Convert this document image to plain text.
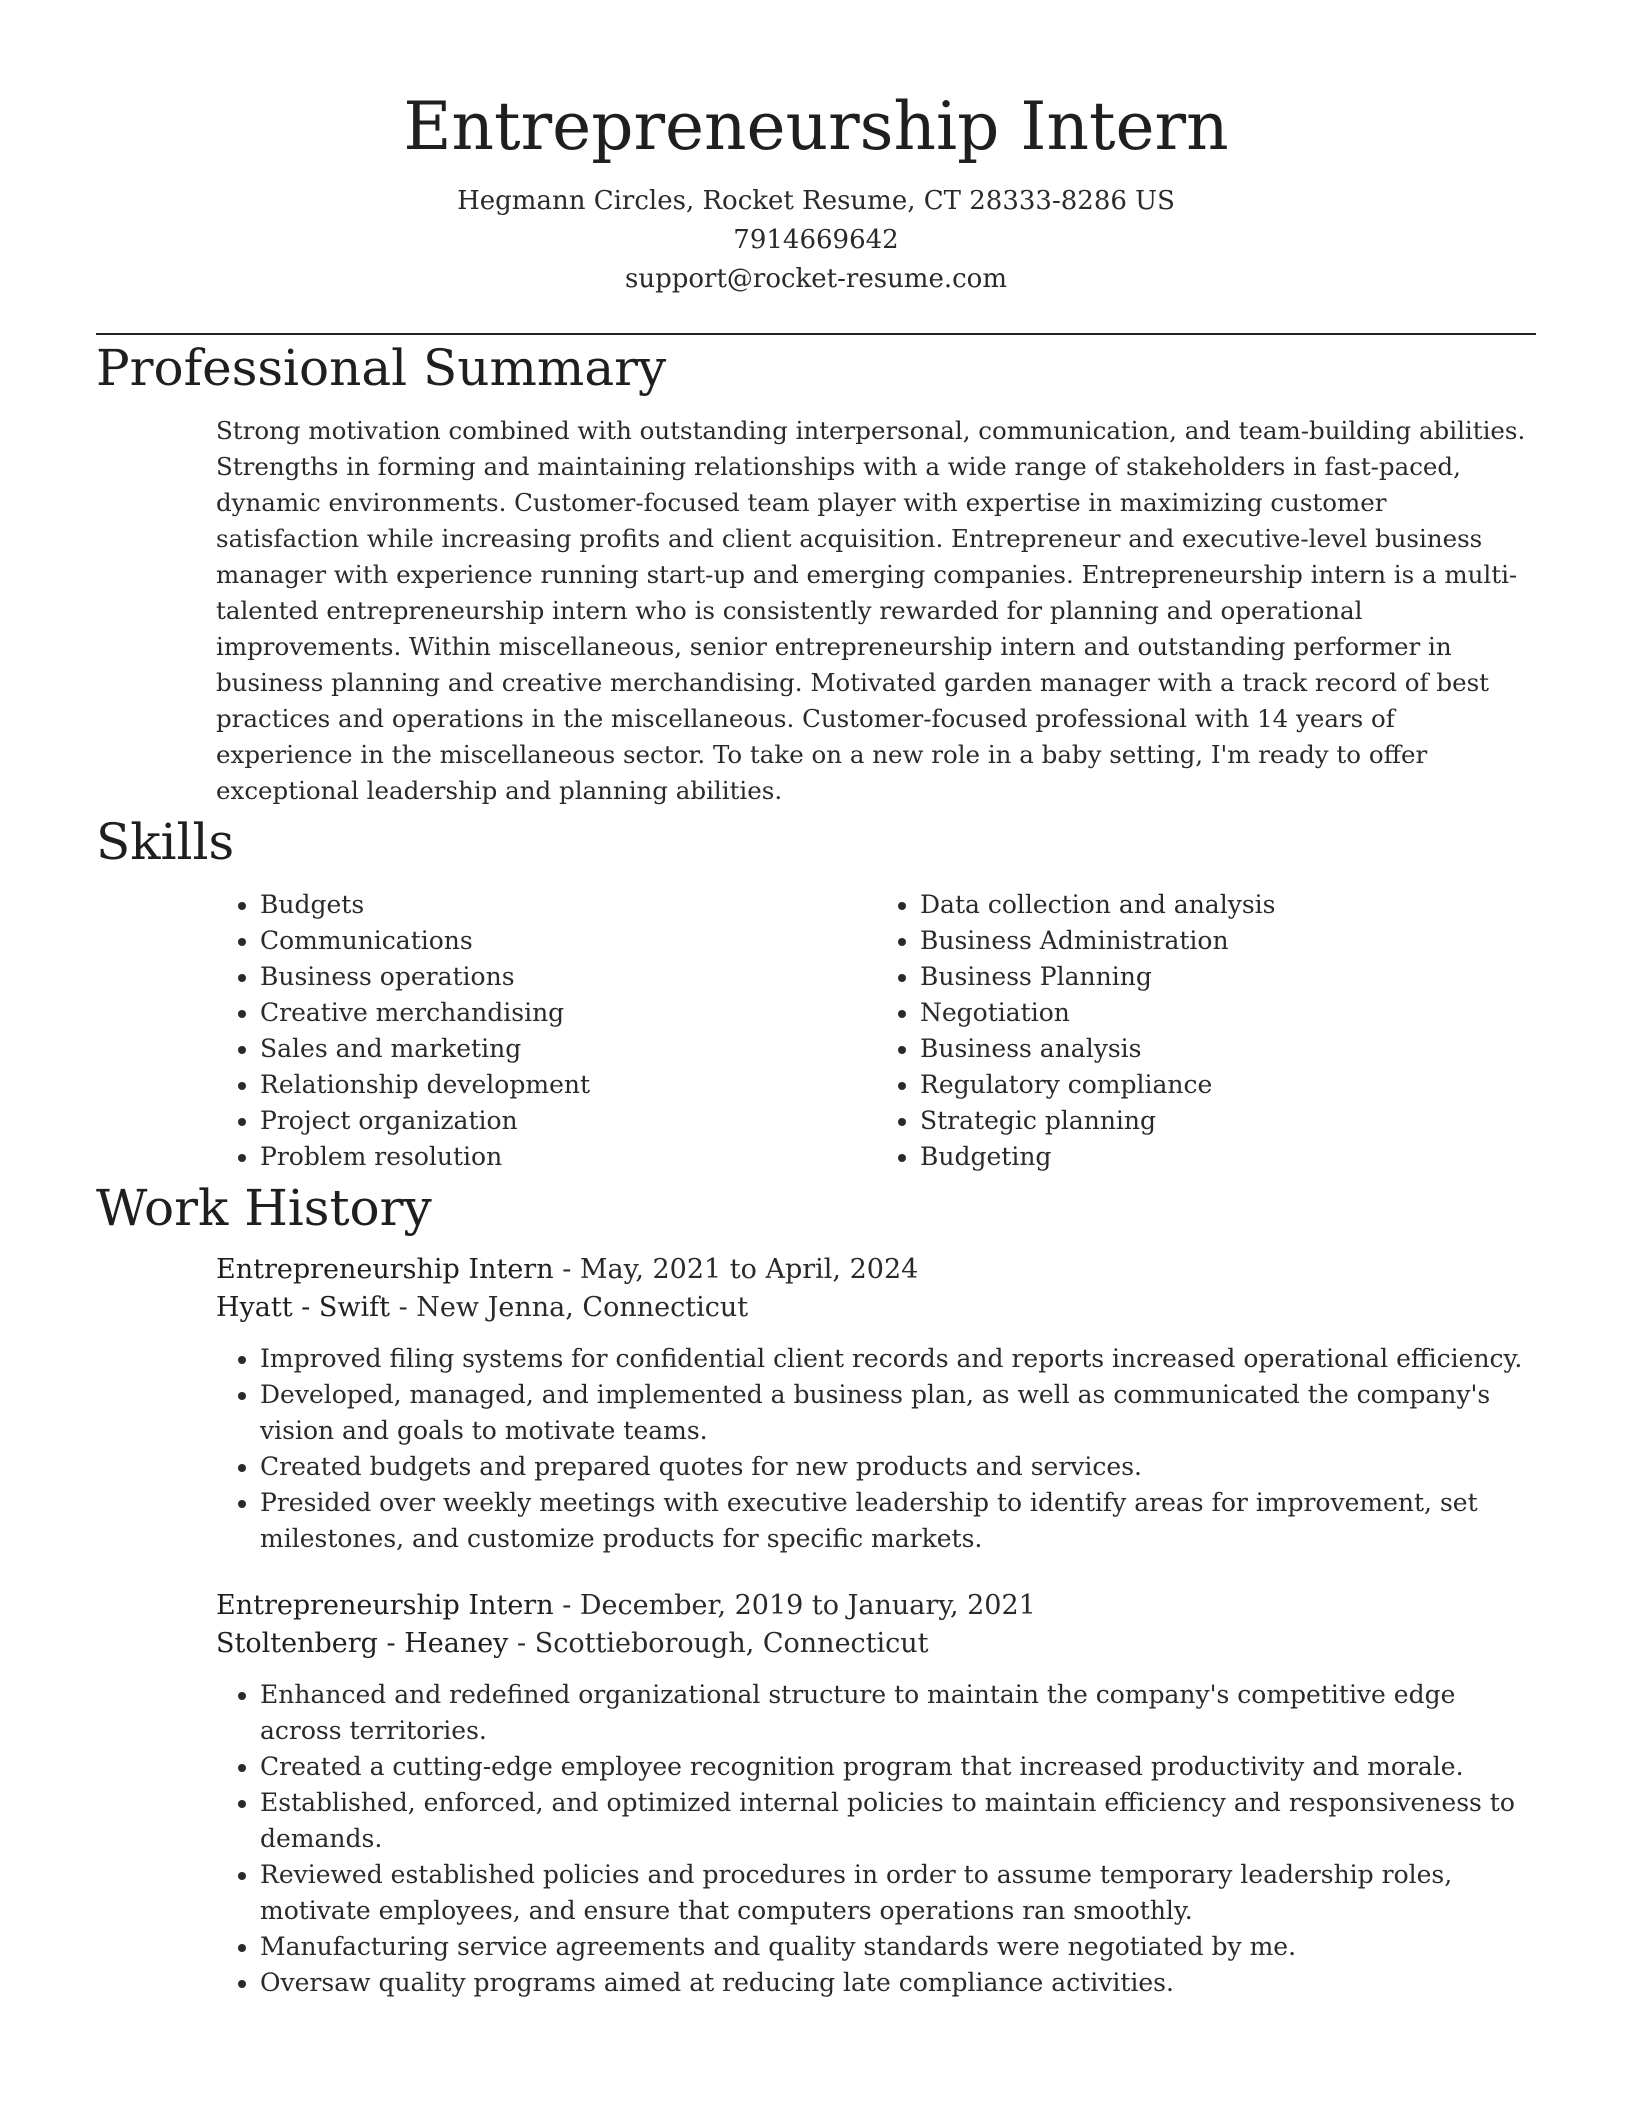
Entrepreneurship Intern
Hegmann Circles, Rocket Resume, CT 28333-8286 US
7914669642
support@rocket-resume.com
Professional Summary
Strong motivation combined with outstanding interpersonal, communication, and team-building abilities. Strengths in forming and maintaining relationships with a wide range of stakeholders in fast-paced, dynamic environments. Customer-focused team player with expertise in maximizing customer satisfaction while increasing profits and client acquisition. Entrepreneur and executive-level business manager with experience running start-up and emerging companies. Entrepreneurship intern is a multi-talented entrepreneurship intern who is consistently rewarded for planning and operational improvements. Within miscellaneous, senior entrepreneurship intern and outstanding performer in business planning and creative merchandising. Motivated garden manager with a track record of best practices and operations in the miscellaneous. Customer-focused professional with 14 years of experience in the miscellaneous sector. To take on a new role in a baby setting, I'm ready to offer exceptional leadership and planning abilities.
Skills
• Budgets
• Communications
• Business operations
• Creative merchandising
• Sales and marketing
• Relationship development
• Project organization
• Problem resolution
• Data collection and analysis
• Business Administration
• Business Planning
• Negotiation
• Business analysis
• Regulatory compliance
• Strategic planning
• Budgeting
Work History
Entrepreneurship Intern - May, 2021 to April, 2024
Hyatt - Swift - New Jenna, Connecticut
• Improved filing systems for confidential client records and reports increased operational efficiency.
• Developed, managed, and implemented a business plan, as well as communicated the company's vision and goals to motivate teams.
• Created budgets and prepared quotes for new products and services.
• Presided over weekly meetings with executive leadership to identify areas for improvement, set milestones, and customize products for specific markets.
Entrepreneurship Intern - December, 2019 to January, 2021
Stoltenberg - Heaney - Scottieborough, Connecticut
• Enhanced and redefined organizational structure to maintain the company's competitive edge across territories.
• Created a cutting-edge employee recognition program that increased productivity and morale.
• Established, enforced, and optimized internal policies to maintain efficiency and responsiveness to demands.
• Reviewed established policies and procedures in order to assume temporary leadership roles, motivate employees, and ensure that computers operations ran smoothly.
• Manufacturing service agreements and quality standards were negotiated by me.
• Oversaw quality programs aimed at reducing late compliance activities.
